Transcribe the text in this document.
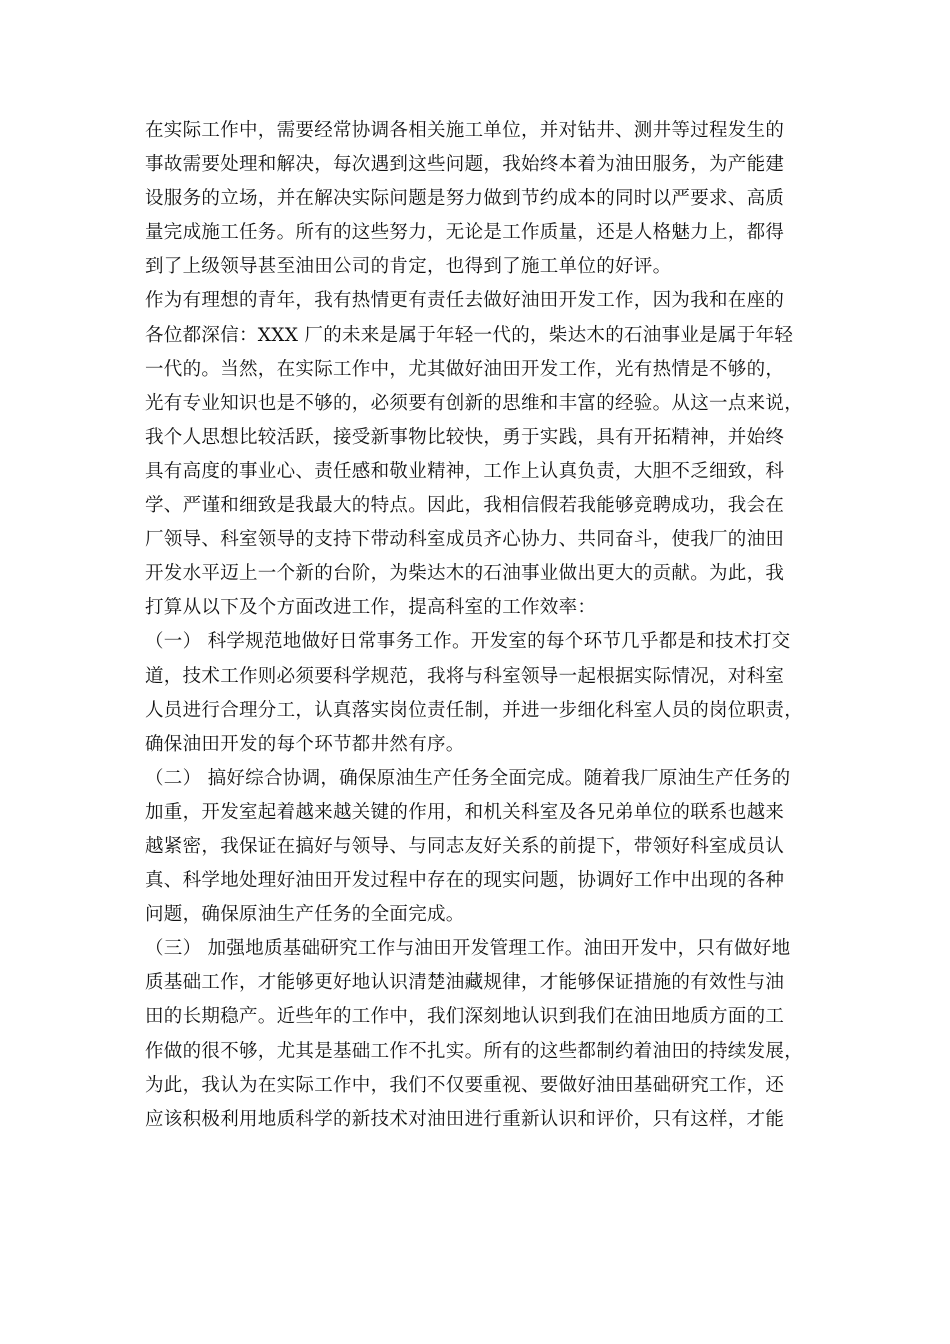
在实际工作中，需要经常协调各相关施工单位，并对钻井、测井等过程发生的
事故需要处理和解决，每次遇到这些问题，我始终本着为油田服务，为产能建
设服务的立场，并在解决实际问题是努力做到节约成本的同时以严要求、高质
量完成施工任务。所有的这些努力，无论是工作质量，还是人格魅力上，都得
到了上级领导甚至油田公司的肯定，也得到了施工单位的好评。
作为有理想的青年，我有热情更有责任去做好油田开发工作，因为我和在座的
各位都深信：XXX 厂的未来是属于年轻一代的，柴达木的石油事业是属于年轻
一代的。当然，在实际工作中，尤其做好油田开发工作，光有热情是不够的，
光有专业知识也是不够的，必须要有创新的思维和丰富的经验。从这一点来说，
我个人思想比较活跃，接受新事物比较快，勇于实践，具有开拓精神，并始终
具有高度的事业心、责任感和敬业精神，工作上认真负责，大胆不乏细致，科
学、严谨和细致是我最大的特点。因此，我相信假若我能够竞聘成功，我会在
厂领导、科室领导的支持下带动科室成员齐心协力、共同奋斗，使我厂的油田
开发水平迈上一个新的台阶，为柴达木的石油事业做出更大的贡献。为此，我
打算从以下及个方面改进工作，提高科室的工作效率：
（一） 科学规范地做好日常事务工作。开发室的每个环节几乎都是和技术打交
道，技术工作则必须要科学规范，我将与科室领导一起根据实际情况，对科室
人员进行合理分工，认真落实岗位责任制，并进一步细化科室人员的岗位职责，
确保油田开发的每个环节都井然有序。
（二） 搞好综合协调，确保原油生产任务全面完成。随着我厂原油生产任务的
加重，开发室起着越来越关键的作用，和机关科室及各兄弟单位的联系也越来
越紧密，我保证在搞好与领导、与同志友好关系的前提下，带领好科室成员认
真、科学地处理好油田开发过程中存在的现实问题，协调好工作中出现的各种
问题，确保原油生产任务的全面完成。
（三） 加强地质基础研究工作与油田开发管理工作。油田开发中，只有做好地
质基础工作，才能够更好地认识清楚油藏规律，才能够保证措施的有效性与油
田的长期稳产。近些年的工作中，我们深刻地认识到我们在油田地质方面的工
作做的很不够，尤其是基础工作不扎实。所有的这些都制约着油田的持续发展，
为此，我认为在实际工作中，我们不仅要重视、要做好油田基础研究工作，还
应该积极利用地质科学的新技术对油田进行重新认识和评价，只有这样，才能
